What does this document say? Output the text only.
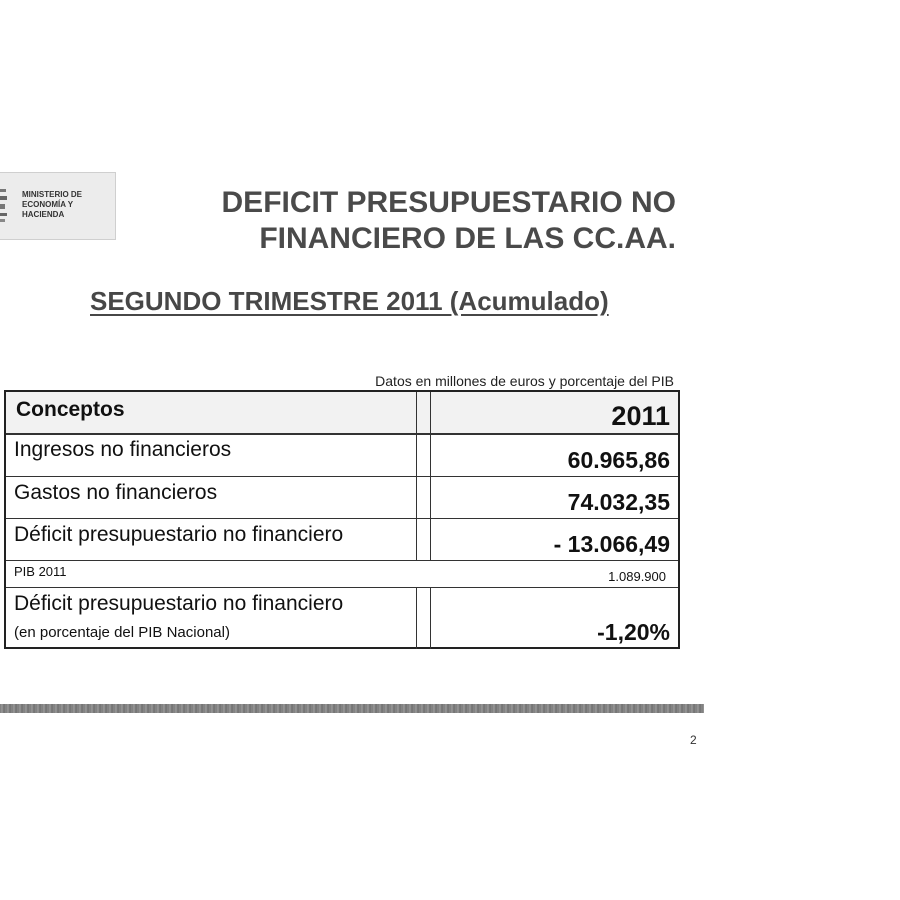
MINISTERIO DE
ECONOMÍA Y
HACIENDA	DEFICIT PRESUPUESTARIO NO
FINANCIERO DE LAS CC.AA.
SEGUNDO TRIMESTRE 2011 (Acumulado)
Datos en millones de euros y porcentaje del PIB
Conceptos	2011
Ingresos no financieros	60.965,86
Gastos no financieros	74.032,35
Déficit presupuestario no financiero	- 13.066,49
PIB 2011	1.089.900
Déficit presupuestario no financiero
(en porcentaje del PIB Nacional)	-1,20%
2
